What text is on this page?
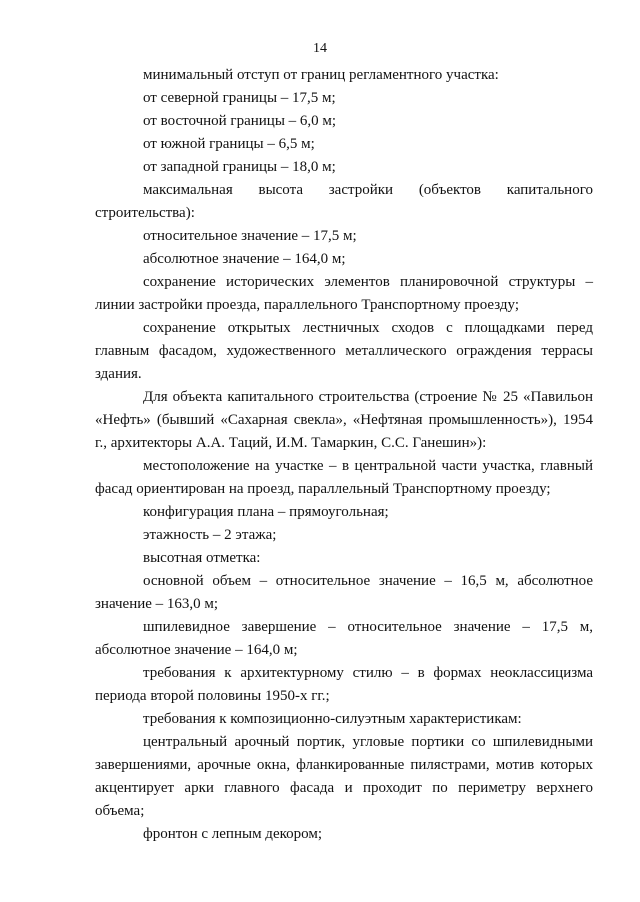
14

минимальный отступ от границ регламентного участка:

от северной границы – 17,5 м;

от восточной границы – 6,0 м;

от южной границы – 6,5 м;

от западной границы – 18,0 м;

максимальная высота застройки (объектов капитального строительства):

относительное значение – 17,5 м;

абсолютное значение – 164,0 м;

сохранение исторических элементов планировочной структуры – линии застройки проезда, параллельного Транспортному проезду;

сохранение открытых лестничных сходов с площадками перед главным фасадом, художественного металлического ограждения террасы здания.

Для объекта капитального строительства (строение № 25 «Павильон «Нефть» (бывший «Сахарная свекла», «Нефтяная промышленность»), 1954 г., архитекторы А.А. Таций, И.М. Тамаркин, С.С. Ганешин»):

местоположение на участке – в центральной части участка, главный фасад ориентирован на проезд, параллельный Транспортному проезду;

конфигурация плана – прямоугольная;

этажность – 2 этажа;

высотная отметка:

основной объем – относительное значение – 16,5 м, абсолютное значение – 163,0 м;

шпилевидное завершение – относительное значение – 17,5 м, абсолютное значение – 164,0 м;

требования к архитектурному стилю – в формах неоклассицизма периода второй половины 1950-х гг.;

требования к композиционно-силуэтным характеристикам:

центральный арочный портик, угловые портики со шпилевидными завершениями, арочные окна, фланкированные пилястрами, мотив которых акцентирует арки главного фасада и проходит по периметру верхнего объема;

фронтон с лепным декором;
